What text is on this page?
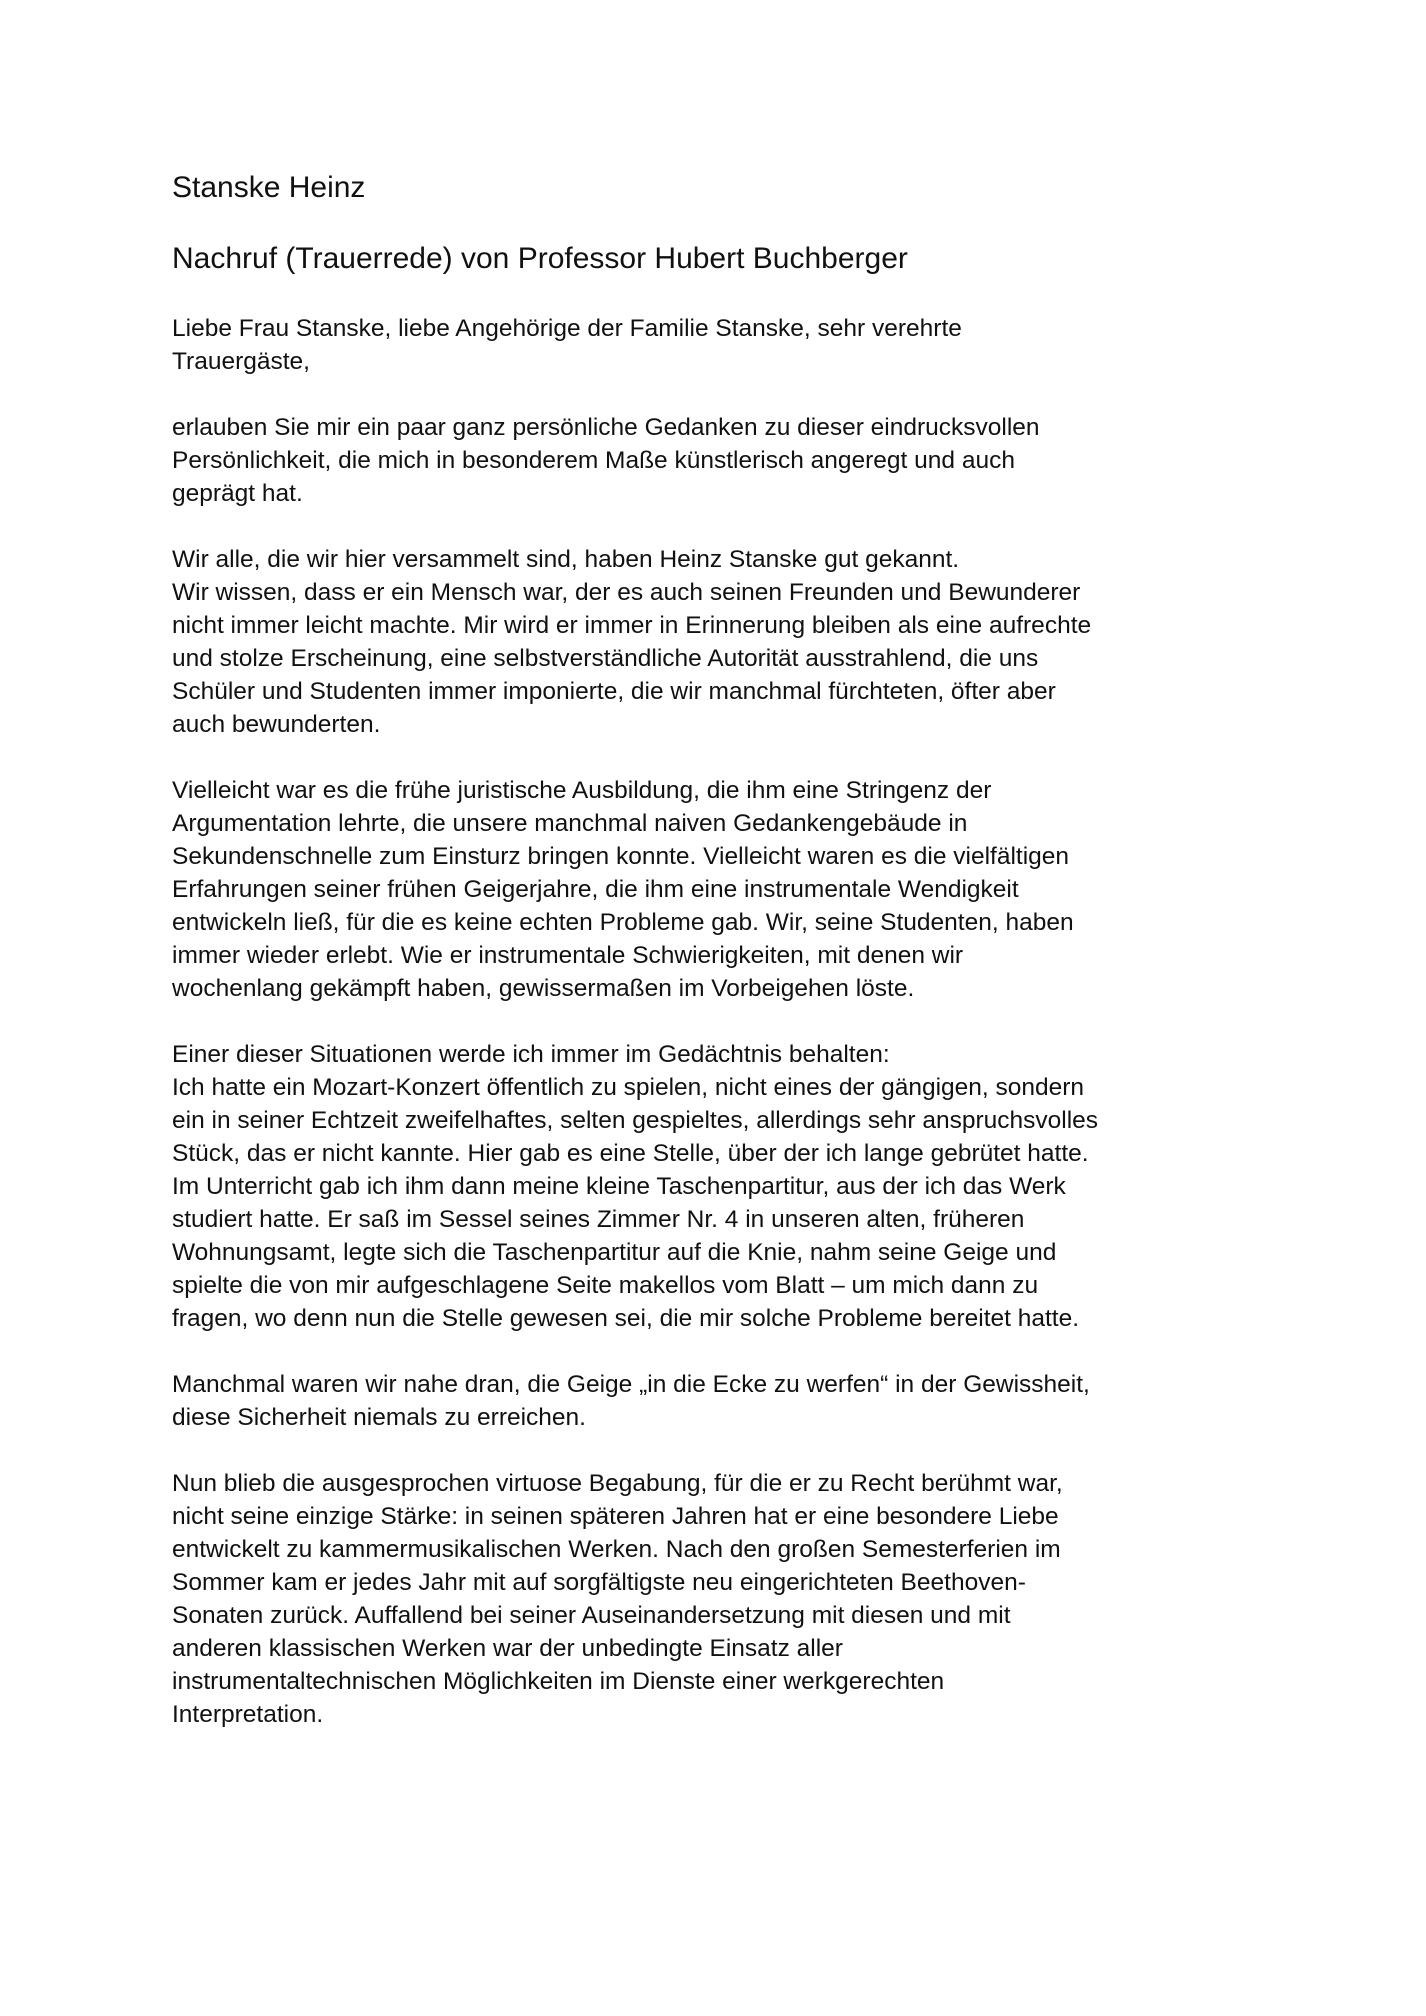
Stanske Heinz
Nachruf (Trauerrede) von Professor Hubert Buchberger
Liebe Frau Stanske, liebe Angehörige der Familie Stanske, sehr verehrte
Trauergäste,
erlauben Sie mir ein paar ganz persönliche Gedanken zu dieser eindrucksvollen
Persönlichkeit, die mich in besonderem Maße künstlerisch angeregt und auch
geprägt hat.
Wir alle, die wir hier versammelt sind, haben Heinz Stanske gut gekannt.
Wir wissen, dass er ein Mensch war, der es auch seinen Freunden und Bewunderer
nicht immer leicht machte. Mir wird er immer in Erinnerung bleiben als eine aufrechte
und stolze Erscheinung, eine selbstverständliche Autorität ausstrahlend, die uns
Schüler und Studenten immer imponierte, die wir manchmal fürchteten, öfter aber
auch bewunderten.
Vielleicht war es die frühe juristische Ausbildung, die ihm eine Stringenz der
Argumentation lehrte, die unsere manchmal naiven Gedankengebäude in
Sekundenschnelle zum Einsturz bringen konnte. Vielleicht waren es die vielfältigen
Erfahrungen seiner frühen Geigerjahre, die ihm eine instrumentale Wendigkeit
entwickeln ließ, für die es keine echten Probleme gab. Wir, seine Studenten, haben
immer wieder erlebt. Wie er instrumentale Schwierigkeiten, mit denen wir
wochenlang gekämpft haben, gewissermaßen im Vorbeigehen löste.
Einer dieser Situationen werde ich immer im Gedächtnis behalten:
Ich hatte ein Mozart-Konzert öffentlich zu spielen, nicht eines der gängigen, sondern
ein in seiner Echtzeit zweifelhaftes, selten gespieltes, allerdings sehr anspruchsvolles
Stück, das er nicht kannte. Hier gab es eine Stelle, über der ich lange gebrütet hatte.
Im Unterricht gab ich ihm dann meine kleine Taschenpartitur, aus der ich das Werk
studiert hatte. Er saß im Sessel seines Zimmer Nr. 4 in unseren alten, früheren
Wohnungsamt, legte sich die Taschenpartitur auf die Knie, nahm seine Geige und
spielte die von mir aufgeschlagene Seite makellos vom Blatt – um mich dann zu
fragen, wo denn nun die Stelle gewesen sei, die mir solche Probleme bereitet hatte.
Manchmal waren wir nahe dran, die Geige „in die Ecke zu werfen“ in der Gewissheit,
diese Sicherheit niemals zu erreichen.
Nun blieb die ausgesprochen virtuose Begabung, für die er zu Recht berühmt war,
nicht seine einzige Stärke: in seinen späteren Jahren hat er eine besondere Liebe
entwickelt zu kammermusikalischen Werken. Nach den großen Semesterferien im
Sommer kam er jedes Jahr mit auf sorgfältigste neu eingerichteten Beethoven-
Sonaten zurück. Auffallend bei seiner Auseinandersetzung mit diesen und mit
anderen klassischen Werken war der unbedingte Einsatz aller
instrumentaltechnischen Möglichkeiten im Dienste einer werkgerechten
Interpretation.
